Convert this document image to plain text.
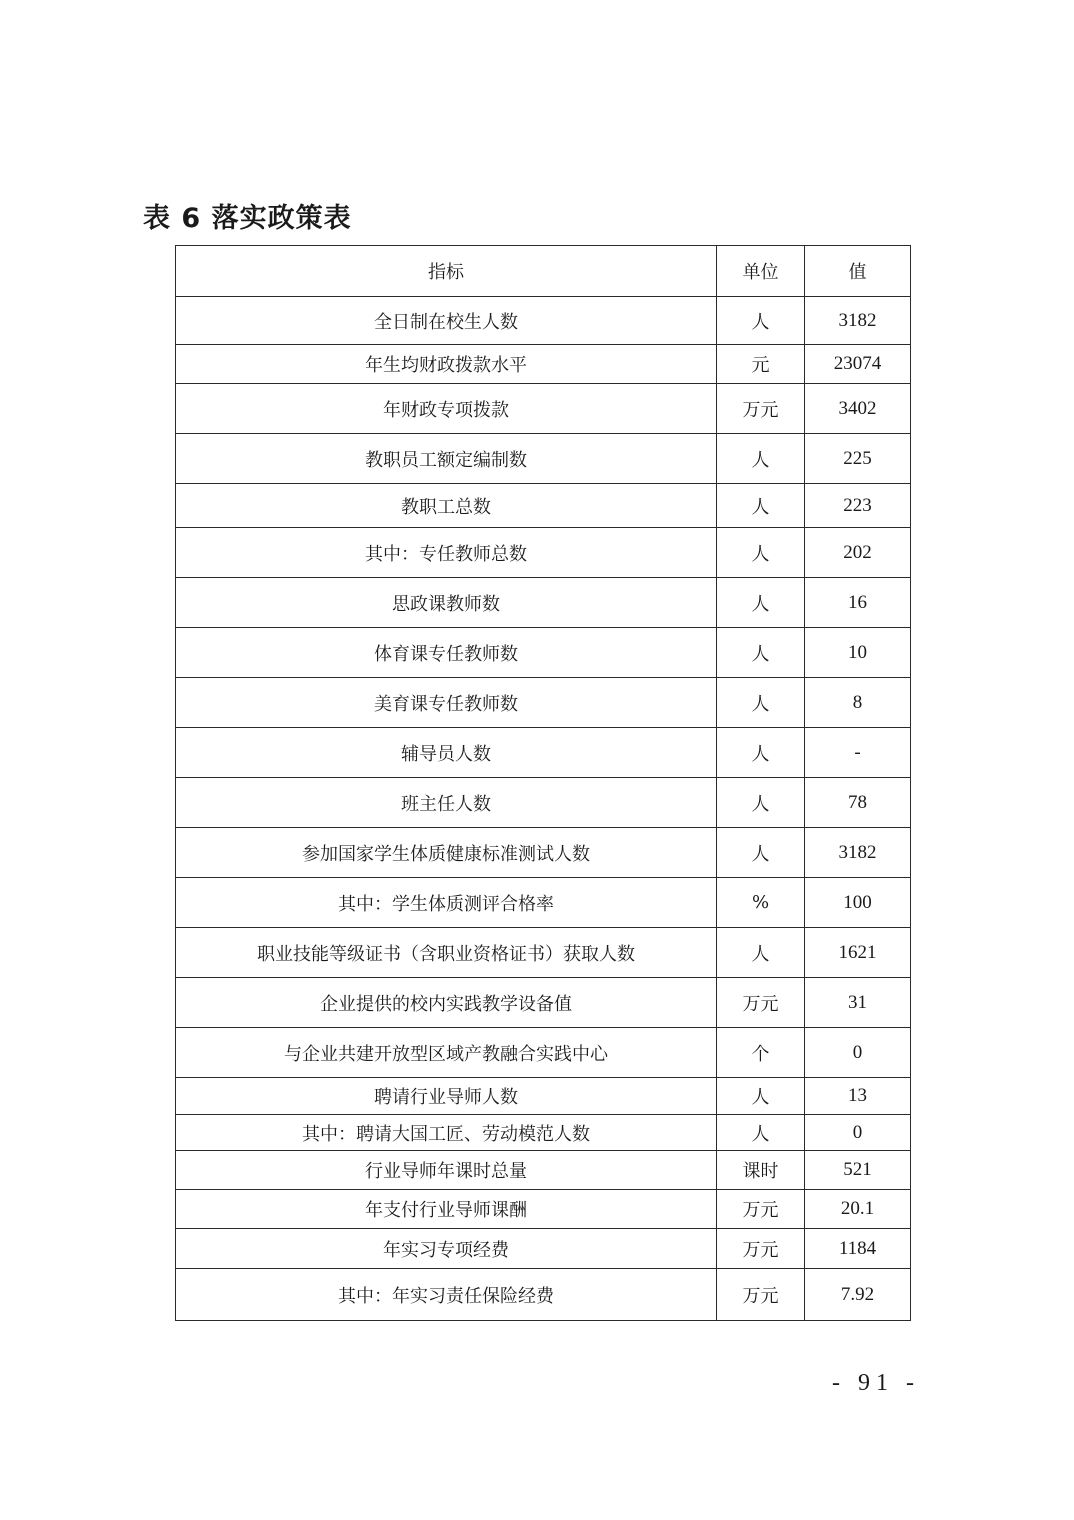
表 6 落实政策表
指标	单位	值
全日制在校生人数	人	3182
年生均财政拨款水平	元	23074
年财政专项拨款	万元	3402
教职员工额定编制数	人	225
教职工总数	人	223
其中：专任教师总数	人	202
思政课教师数	人	16
体育课专任教师数	人	10
美育课专任教师数	人	8
辅导员人数	人	-
班主任人数	人	78
参加国家学生体质健康标准测试人数	人	3182
其中：学生体质测评合格率	%	100
职业技能等级证书（含职业资格证书）获取人数	人	1621
企业提供的校内实践教学设备值	万元	31
与企业共建开放型区域产教融合实践中心	个	0
聘请行业导师人数	人	13
其中：聘请大国工匠、劳动模范人数	人	0
行业导师年课时总量	课时	521
年支付行业导师课酬	万元	20.1
年实习专项经费	万元	1184
其中：年实习责任保险经费	万元	7.92
- 91 -
